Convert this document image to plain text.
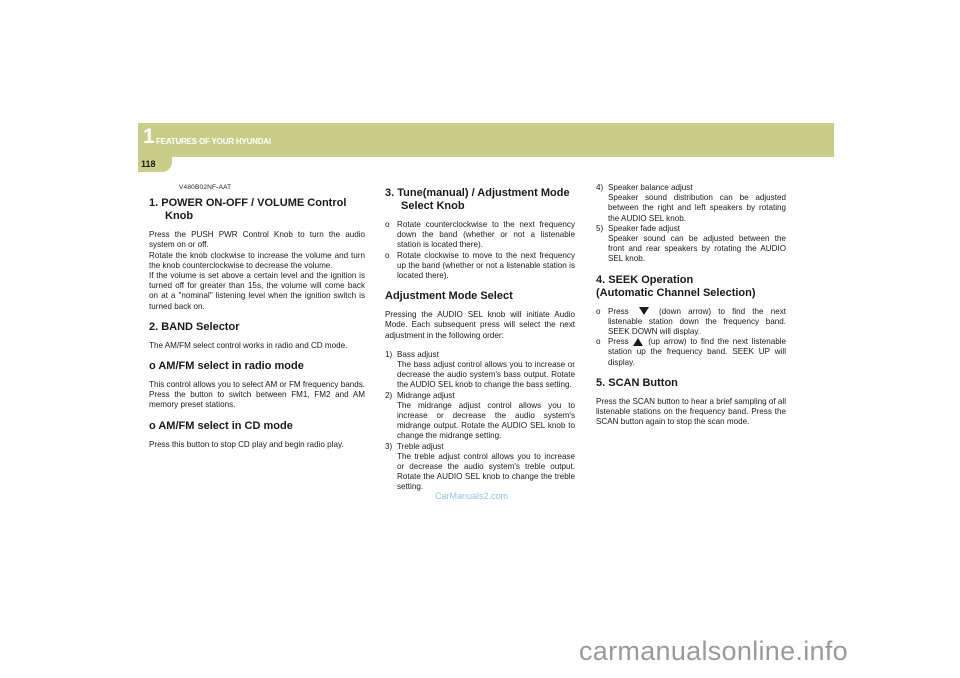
1 FEATURES OF YOUR HYUNDAI
118
V480B02NF-AAT
1. POWER ON-OFF / VOLUME Control Knob

Press the PUSH PWR Control Knob to turn the audio system on or off.

Rotate the knob clockwise to increase the volume and turn the knob counterclockwise to decrease the volume.

If the volume is set above a certain level and the ignition is turned off for greater than 15s, the volume will come back on at a "nominal" listening level when the ignition switch is turned back on.

2. BAND Selector

The AM/FM select control works in radio and CD mode.

o AM/FM select in radio mode

This control allows you to select AM or FM frequency bands. Press the button to switch between FM1, FM2 and AM memory preset stations.

o AM/FM select in CD mode

Press this button to stop CD play and begin radio play.

3. Tune(manual) / Adjustment Mode Select Knob
o Rotate counterclockwise to the next frequency down the band (whether or not a listenable station is located there).
o Rotate clockwise to move to the next frequency up the band (whether or not a listenable station is located there).
Adjustment Mode Select

Pressing the AUDIO SEL knob will initiate Audio Mode. Each subsequent press will select the next adjustment in the following order:

1) Bass adjust
The bass adjust control allows you to increase or decrease the audio system's bass output. Rotate the AUDIO SEL knob to change the bass setting.
2) Midrange adjust
The midrange adjust control allows you to increase or decrease the audio system's midrange output. Rotate the AUDIO SEL knob to change the midrange setting.
3) Treble adjust
The treble adjust control allows you to increase or decrease the audio system's treble output. Rotate the AUDIO SEL knob to change the treble setting.
4) Speaker balance adjust
Speaker sound distribution can be adjusted between the right and left speakers by rotating the AUDIO SEL knob.
5) Speaker fade adjust
Speaker sound can be adjusted between the front and rear speakers by rotating the AUDIO SEL knob.
4. SEEK Operation
(Automatic Channel Selection)
o Press	(down arrow) to find the next listenable station down the frequency band. SEEK DOWN will display.
o Press (up arrow) to find the next listenable station up the frequency band. SEEK UP will display.
5. SCAN Button

Press the SCAN button to hear a brief sampling of all listenable stations on the frequency band. Press the SCAN button again to stop the scan mode.

CarManuals2.com
carmanualsonline.info
